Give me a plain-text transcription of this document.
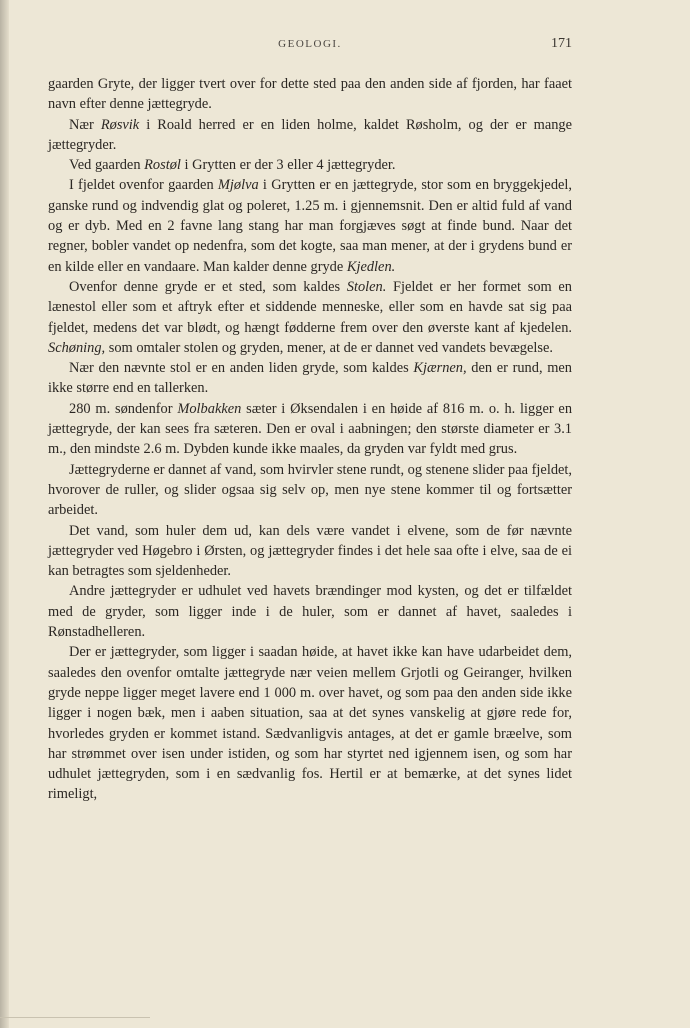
GEOLOGI.	171

gaarden Gryte, der ligger tvert over for dette sted paa den anden side af fjorden, har faaet navn efter denne jættegryde.

Nær Røsvik i Roald herred er en liden holme, kaldet Røsholm, og der er mange jættegryder.

Ved gaarden Rostøl i Grytten er der 3 eller 4 jættegryder.

I fjeldet ovenfor gaarden Mjølva i Grytten er en jættegryde, stor som en bryggekjedel, ganske rund og indvendig glat og poleret, 1.25 m. i gjennemsnit. Den er altid fuld af vand og er dyb. Med en 2 favne lang stang har man forgjæves søgt at finde bund. Naar det regner, bobler vandet op nedenfra, som det kogte, saa man mener, at der i grydens bund er en kilde eller en vandaare. Man kalder denne gryde Kjedlen.

Ovenfor denne gryde er et sted, som kaldes Stolen. Fjeldet er her formet som en lænestol eller som et aftryk efter et siddende menneske, eller som en havde sat sig paa fjeldet, medens det var blødt, og hængt fødderne frem over den øverste kant af kjedelen. Schøning, som omtaler stolen og gryden, mener, at de er dannet ved vandets bevægelse.

Nær den nævnte stol er en anden liden gryde, som kaldes Kjærnen, den er rund, men ikke større end en tallerken.

280 m. søndenfor Molbakken sæter i Øksendalen i en høide af 816 m. o. h. ligger en jættegryde, der kan sees fra sæteren. Den er oval i aabningen; den største diameter er 3.1 m., den mindste 2.6 m. Dybden kunde ikke maales, da gryden var fyldt med grus.

Jættegryderne er dannet af vand, som hvirvler stene rundt, og stenene slider paa fjeldet, hvorover de ruller, og slider ogsaa sig selv op, men nye stene kommer til og fortsætter arbeidet.

Det vand, som huler dem ud, kan dels være vandet i elvene, som de før nævnte jættegryder ved Høgebro i Ørsten, og jættegryder findes i det hele saa ofte i elve, saa de ei kan betragtes som sjeldenheder.

Andre jættegryder er udhulet ved havets brændinger mod kysten, og det er tilfældet med de gryder, som ligger inde i de huler, som er dannet af havet, saaledes i Rønstadhelleren.

Der er jættegryder, som ligger i saadan høide, at havet ikke kan have udarbeidet dem, saaledes den ovenfor omtalte jættegryde nær veien mellem Grjotli og Geiranger, hvilken gryde neppe ligger meget lavere end 1 000 m. over havet, og som paa den anden side ikke ligger i nogen bæk, men i aaben situation, saa at det synes vanskelig at gjøre rede for, hvorledes gryden er kommet istand. Sædvanligvis antages, at det er gamle bræelve, som har strømmet over isen under istiden, og som har styrtet ned igjennem isen, og som har udhulet jættegryden, som i en sædvanlig fos. Hertil er at bemærke, at det synes lidet rimeligt,
